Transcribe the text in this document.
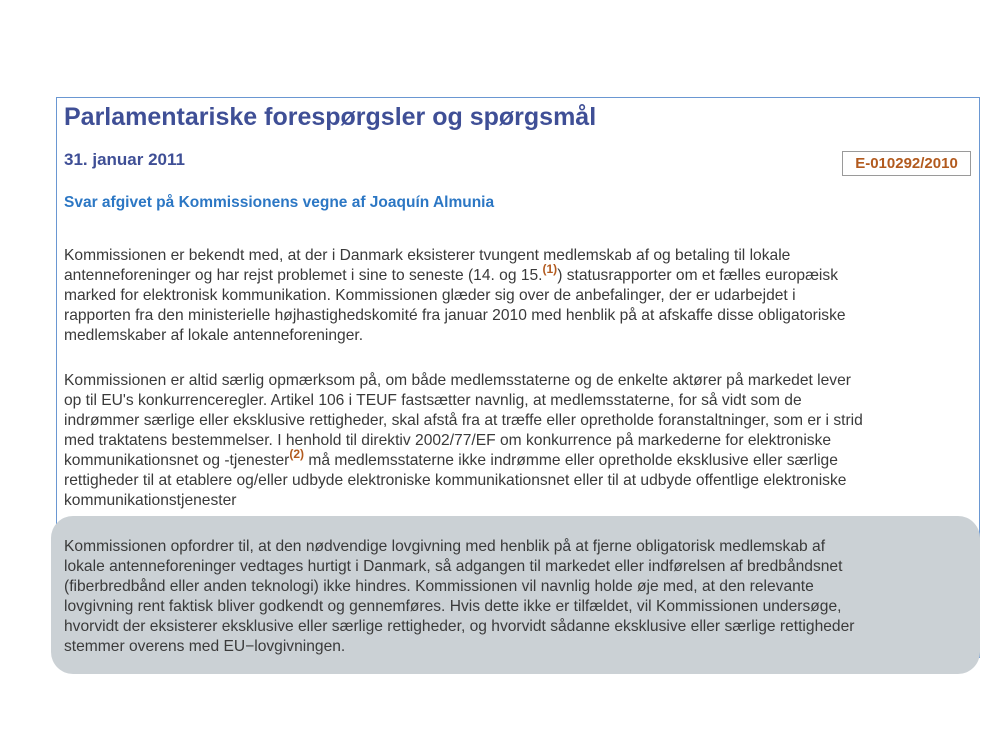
Parlamentariske forespørgsler og spørgsmål
31. januar 2011	E-010292/2010
Svar afgivet på Kommissionens vegne af Joaquín Almunia
Kommissionen er bekendt med, at der i Danmark eksisterer tvungent medlemskab af og betaling til lokale
antenneforeninger og har rejst problemet i sine to seneste (14. og 15.$^{(1)}$) statusrapporter om et fælles europæisk
marked for elektronisk kommunikation. Kommissionen glæder sig over de anbefalinger, der er udarbejdet i
rapporten fra den ministerielle højhastighedskomité fra januar 2010 med henblik på at afskaffe disse obligatoriske
medlemskaber af lokale antenneforeninger.
Kommissionen er altid særlig opmærksom på, om både medlemsstaterne og de enkelte aktører på markedet lever
op til EU's konkurrenceregler. Artikel 106 i TEUF fastsætter navnlig, at medlemsstaterne, for så vidt som de
indrømmer særlige eller eksklusive rettigheder, skal afstå fra at træffe eller opretholde foranstaltninger, som er i strid
med traktatens bestemmelser. I henhold til direktiv 2002/77/EF om konkurrence på markederne for elektroniske
kommunikationsnet og -tjenester$^{(2)}$ må medlemsstaterne ikke indrømme eller opretholde eksklusive eller særlige
rettigheder til at etablere og/eller udbyde elektroniske kommunikationsnet eller til at udbyde offentlige elektroniske
kommunikationstjenester
Kommissionen opfordrer til, at den nødvendige lovgivning med henblik på at fjerne obligatorisk medlemskab af
lokale antenneforeninger vedtages hurtigt i Danmark, så adgangen til markedet eller indførelsen af bredbåndsnet
(fiberbredbånd eller anden teknologi) ikke hindres. Kommissionen vil navnlig holde øje med, at den relevante
lovgivning rent faktisk bliver godkendt og gennemføres. Hvis dette ikke er tilfældet, vil Kommissionen undersøge,
hvorvidt der eksisterer eksklusive eller særlige rettigheder, og hvorvidt sådanne eksklusive eller særlige rettigheder
stemmer overens med EU−lovgivningen.
